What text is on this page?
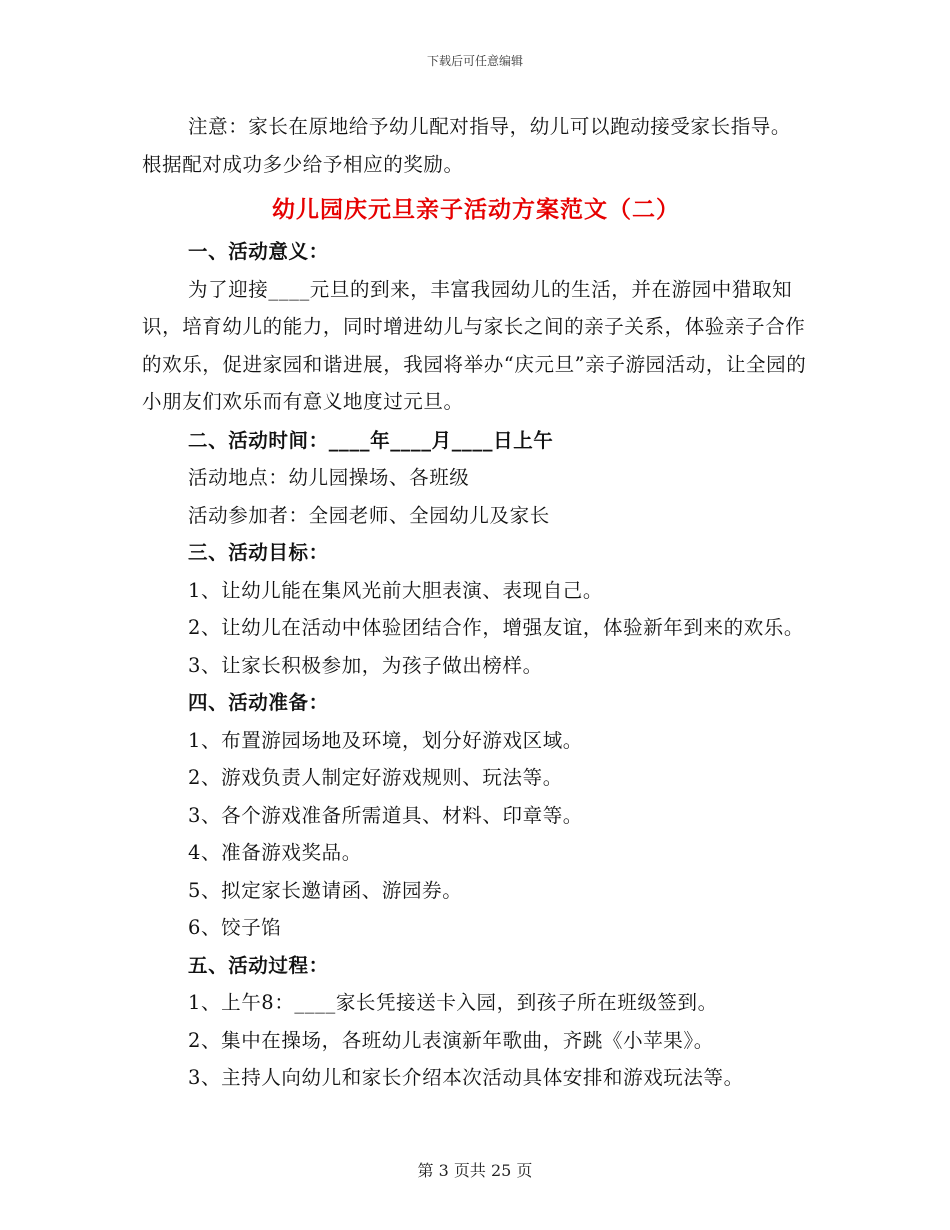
下载后可任意编辑

注意：家长在原地给予幼儿配对指导，幼儿可以跑动接受家长指导。根据配对成功多少给予相应的奖励。

幼儿园庆元旦亲子活动方案范文（二）

一、活动意义：

为了迎接____元旦的到来，丰富我园幼儿的生活，并在游园中猎取知识，培育幼儿的能力，同时增进幼儿与家长之间的亲子关系，体验亲子合作的欢乐，促进家园和谐进展，我园将举办“庆元旦”亲子游园活动，让全园的小朋友们欢乐而有意义地度过元旦。

二、活动时间：____年____月____日上午

活动地点：幼儿园操场、各班级

活动参加者：全园老师、全园幼儿及家长

三、活动目标：

1、让幼儿能在集风光前大胆表演、表现自己。

2、让幼儿在活动中体验团结合作，增强友谊，体验新年到来的欢乐。

3、让家长积极参加，为孩子做出榜样。

四、活动准备：

1、布置游园场地及环境，划分好游戏区域。

2、游戏负责人制定好游戏规则、玩法等。

3、各个游戏准备所需道具、材料、印章等。

4、准备游戏奖品。

5、拟定家长邀请函、游园券。

6、饺子馅

五、活动过程：

1、上午8：____家长凭接送卡入园，到孩子所在班级签到。

2、集中在操场，各班幼儿表演新年歌曲，齐跳《小苹果》。

3、主持人向幼儿和家长介绍本次活动具体安排和游戏玩法等。

第 3 页共 25 页
